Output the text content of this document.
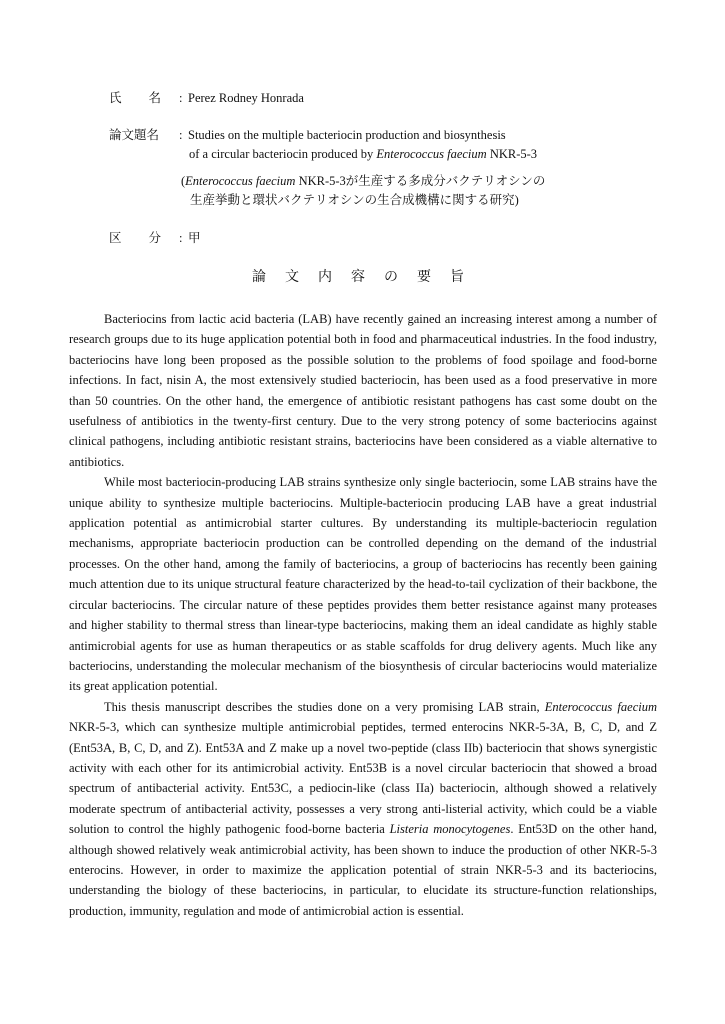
氏 名 : Perez Rodney Honrada
論文題名	: Studies on the multiple bacteriocin production and biosynthesis
of a circular bacteriocin produced by Enterococcus faecium NKR-5-3
(Enterococcus faecium NKR-5-3が生産する多成分バクテリオシンの
生産挙動と環状バクテリオシンの生合成機構に関する研究)
区 分 : 甲
論文内容の要旨

Bacteriocins from lactic acid bacteria (LAB) have recently gained an increasing interest among a number of research groups due to its huge application potential both in food and pharmaceutical industries. In the food industry, bacteriocins have long been proposed as the possible solution to the problems of food spoilage and food-borne infections. In fact, nisin A, the most extensively studied bacteriocin, has been used as a food preservative in more than 50 countries. On the other hand, the emergence of antibiotic resistant pathogens has cast some doubt on the usefulness of antibiotics in the twenty-first century. Due to the very strong potency of some bacteriocins against clinical pathogens, including antibiotic resistant strains, bacteriocins have been considered as a viable alternative to antibiotics.

While most bacteriocin-producing LAB strains synthesize only single bacteriocin, some LAB strains have the unique ability to synthesize multiple bacteriocins. Multiple-bacteriocin producing LAB have a great industrial application potential as antimicrobial starter cultures. By understanding its multiple-bacteriocin regulation mechanisms, appropriate bacteriocin production can be controlled depending on the demand of the industrial processes. On the other hand, among the family of bacteriocins, a group of bacteriocins has recently been gaining much attention due to its unique structural feature characterized by the head-to-tail cyclization of their backbone, the circular bacteriocins. The circular nature of these peptides provides them better resistance against many proteases and higher stability to thermal stress than linear-type bacteriocins, making them an ideal candidate as highly stable antimicrobial agents for use as human therapeutics or as stable scaffolds for drug delivery agents. Much like any bacteriocins, understanding the molecular mechanism of the biosynthesis of circular bacteriocins would materialize its great application potential.

This thesis manuscript describes the studies done on a very promising LAB strain, Enterococcus faecium NKR-5-3, which can synthesize multiple antimicrobial peptides, termed enterocins NKR-5-3A, B, C, D, and Z (Ent53A, B, C, D, and Z). Ent53A and Z make up a novel two-peptide (class IIb) bacteriocin that shows synergistic activity with each other for its antimicrobial activity. Ent53B is a novel circular bacteriocin that showed a broad spectrum of antibacterial activity. Ent53C, a pediocin-like (class IIa) bacteriocin, although showed a relatively moderate spectrum of antibacterial activity, possesses a very strong anti-listerial activity, which could be a viable solution to control the highly pathogenic food-borne bacteria Listeria monocytogenes. Ent53D on the other hand, although showed relatively weak antimicrobial activity, has been shown to induce the production of other NKR-5-3 enterocins. However, in order to maximize the application potential of strain NKR-5-3 and its bacteriocins, understanding the biology of these bacteriocins, in particular, to elucidate its structure-function relationships, production, immunity, regulation and mode of antimicrobial action is essential.
